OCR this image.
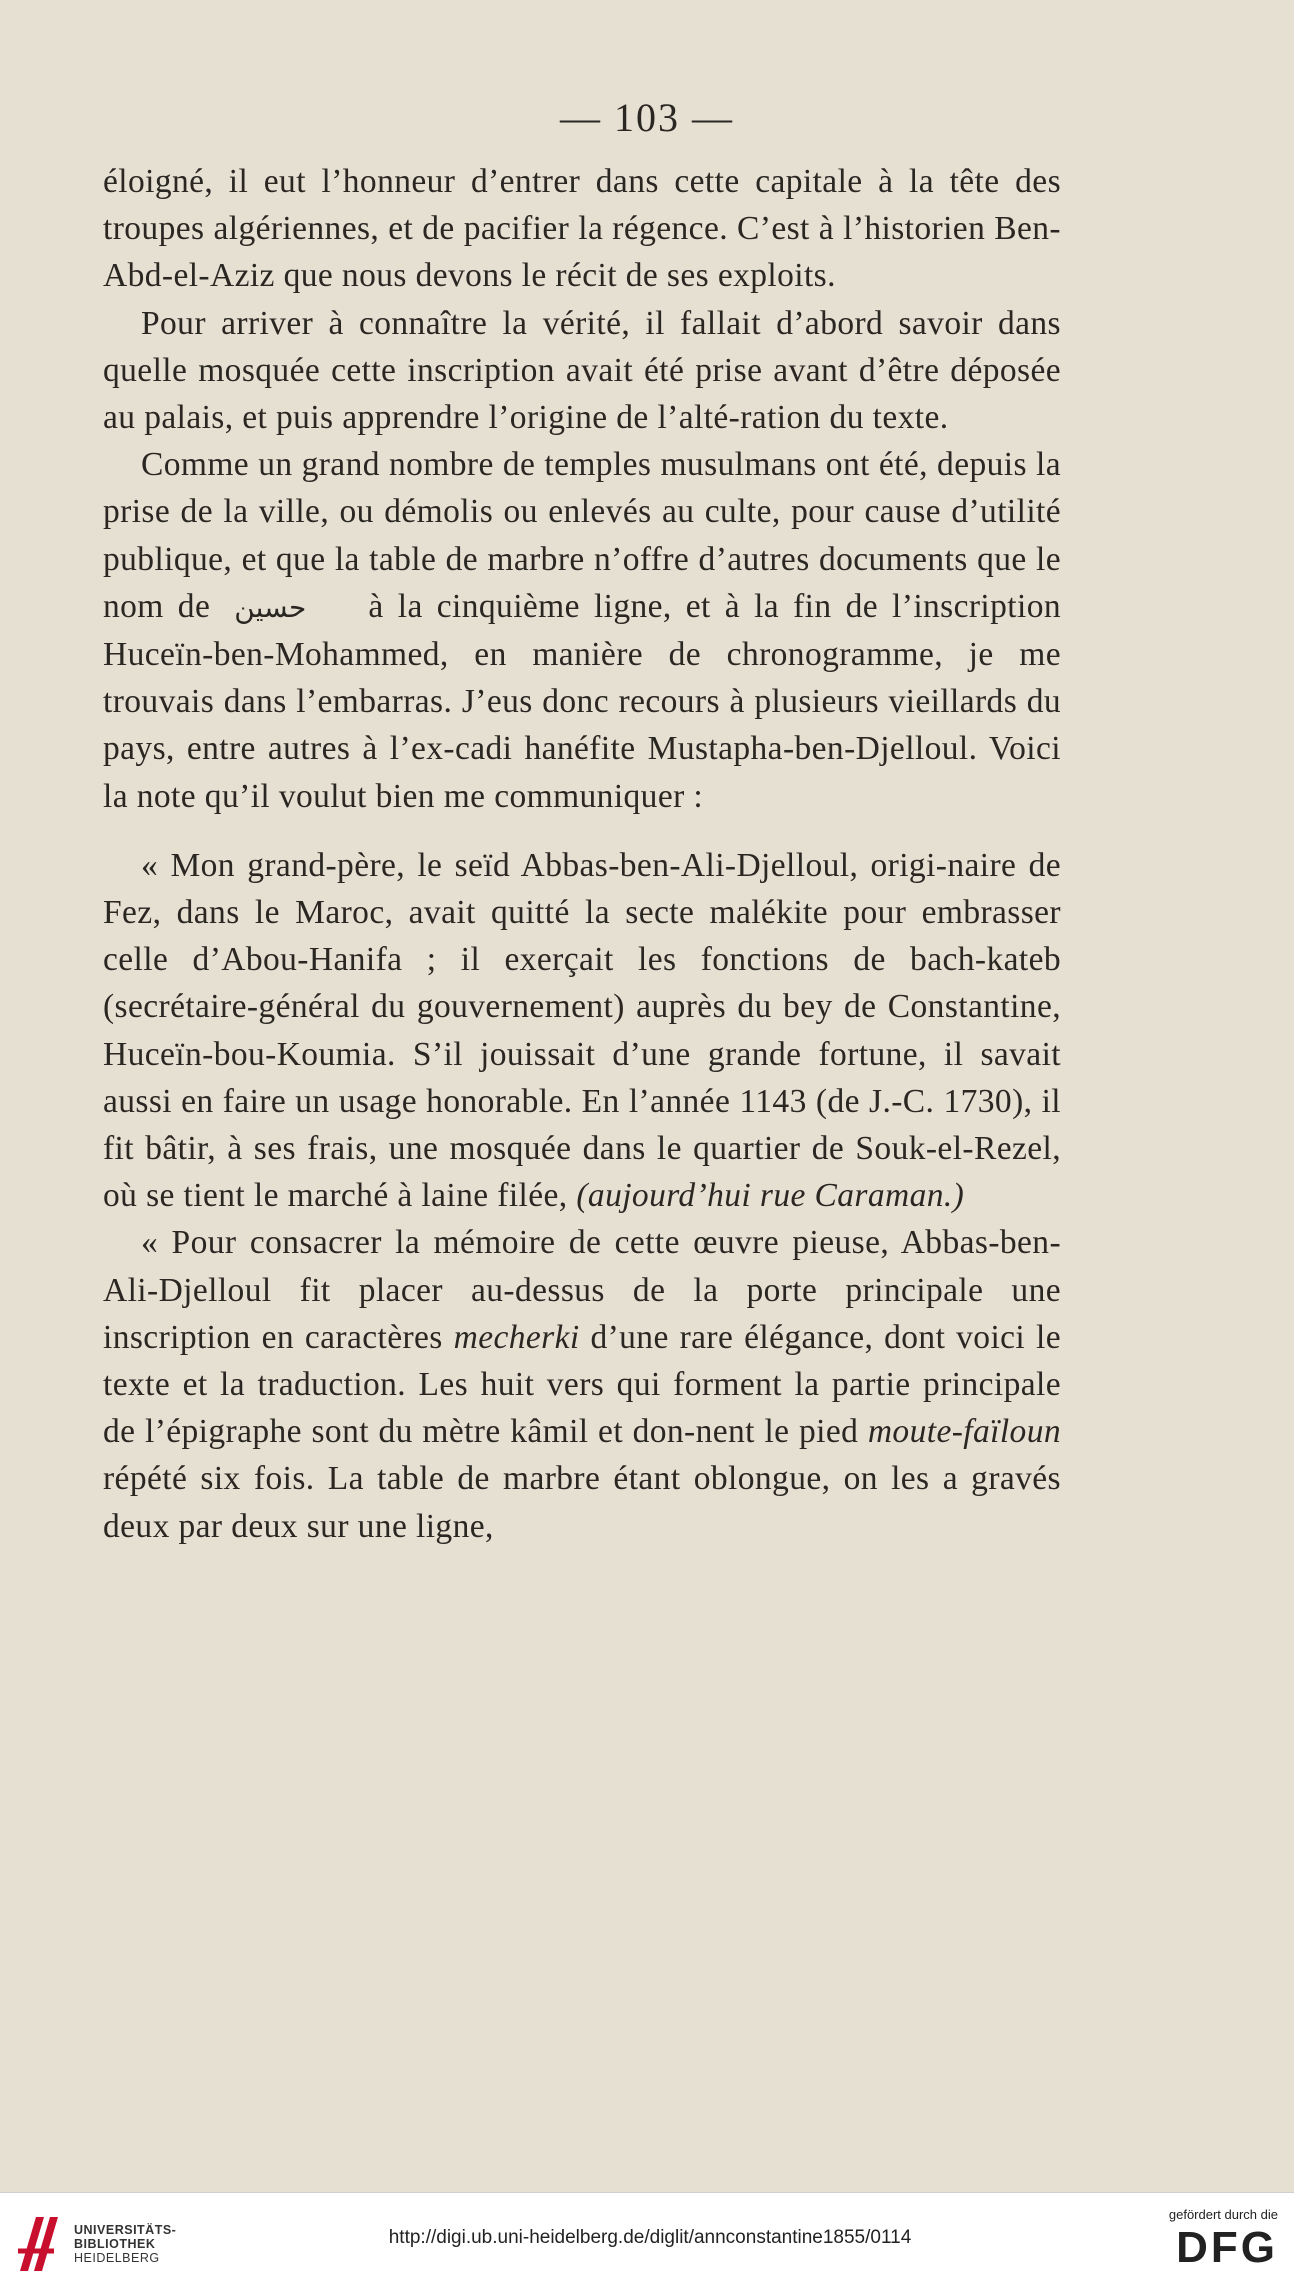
— 103 —

éloigné, il eut l’honneur d’entrer dans cette capitale à la tête des troupes algériennes, et de pacifier la régence. C’est à l’historien Ben-Abd-el-Aziz que nous devons le récit de ses exploits.

Pour arriver à connaître la vérité, il fallait d’abord savoir dans quelle mosquée cette inscription avait été prise avant d’être déposée au palais, et puis apprendre l’origine de l’alté-ration du texte.

Comme un grand nombre de temples musulmans ont été, depuis la prise de la ville, ou démolis ou enlevés au culte, pour cause d’utilité publique, et que la table de marbre n’offre d’autres documents que le nom de حسين à la cinquième ligne, et à la fin de l’inscription Huceïn-ben-Mohammed, en manière de chronogramme, je me trouvais dans l’embarras. J’eus donc recours à plusieurs vieillards du pays, entre autres à l’ex-cadi hanéfite Mustapha-ben-Djelloul. Voici la note qu’il voulut bien me communiquer :

« Mon grand-père, le seïd Abbas-ben-Ali-Djelloul, origi-naire de Fez, dans le Maroc, avait quitté la secte malékite pour embrasser celle d’Abou-Hanifa ; il exerçait les fonctions de bach-kateb (secrétaire-général du gouvernement) auprès du bey de Constantine, Huceïn-bou-Koumia. S’il jouissait d’une grande fortune, il savait aussi en faire un usage honorable. En l’année 1143 (de J.-C. 1730), il fit bâtir, à ses frais, une mosquée dans le quartier de Souk-el-Rezel, où se tient le marché à laine filée, (aujourd’hui rue Caraman.)

« Pour consacrer la mémoire de cette œuvre pieuse, Abbas-ben-Ali-Djelloul fit placer au-dessus de la porte principale une inscription en caractères mecherki d’une rare élégance, dont voici le texte et la traduction. Les huit vers qui forment la partie principale de l’épigraphe sont du mètre kâmil et don-nent le pied moute-faïloun répété six fois. La table de marbre étant oblongue, on les a gravés deux par deux sur une ligne,

UNIVERSITÄTS-
BIBLIOTHEK
HEIDELBERG
http://digi.ub.uni-heidelberg.de/diglit/annconstantine1855/0114
gefördert durch die
DFG
